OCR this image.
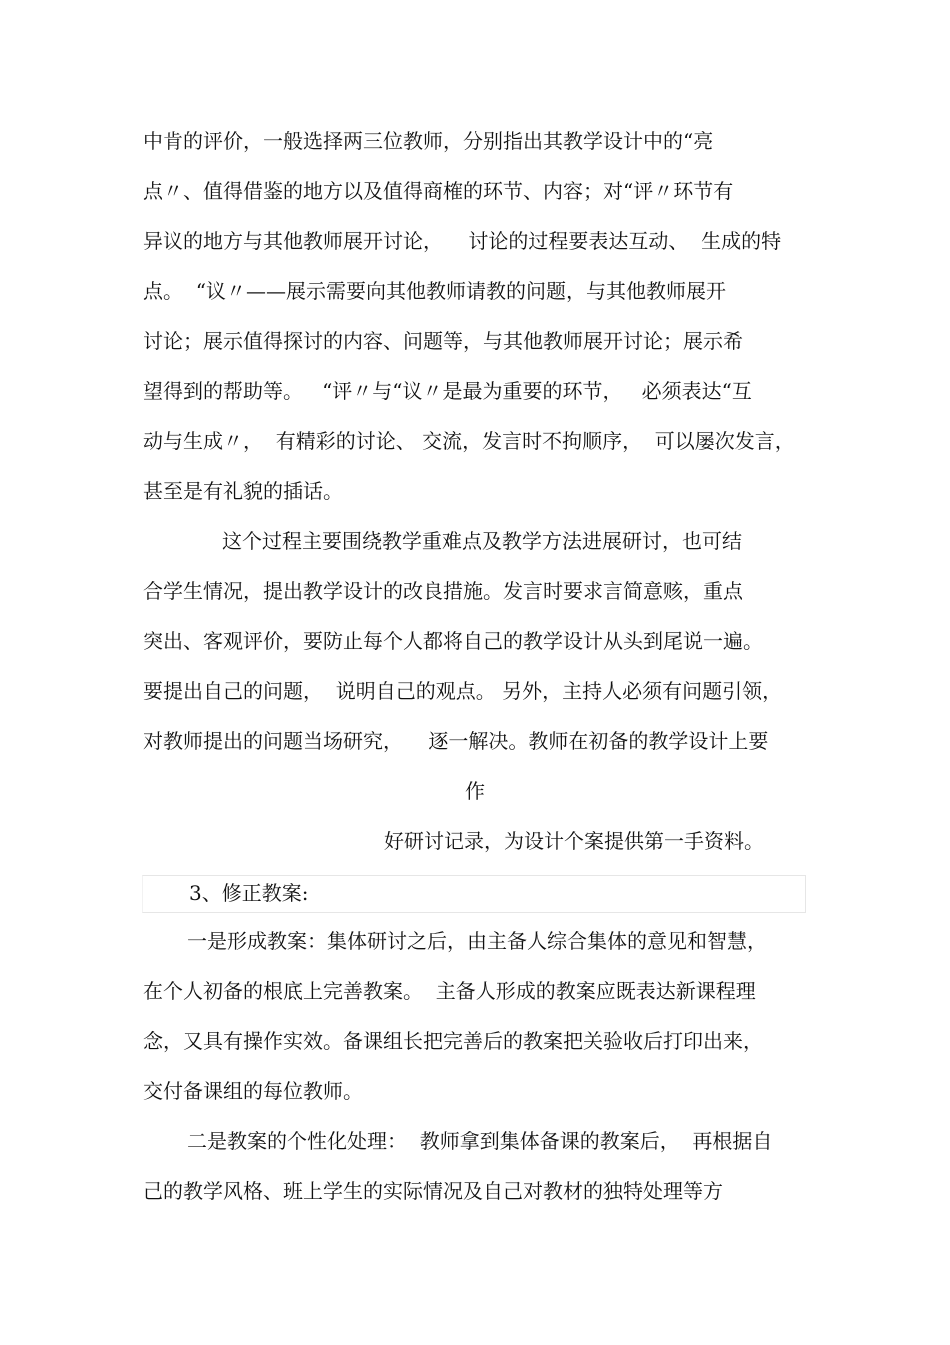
中肯的评价，一般选择两三位教师，分别指出其教学设计中的“亮
点〃、值得借鉴的地方以及值得商榷的环节、内容；对“评〃环节有
异议的地方与其他教师展开讨论，    讨论的过程要表达互动、  生成的特
点。  “议〃——展示需要向其他教师请教的问题，与其他教师展开
讨论；展示值得探讨的内容、问题等，与其他教师展开讨论；展示希
望得到的帮助等。   “评〃与“议〃是最为重要的环节，   必须表达“互
动与生成〃，  有精彩的讨论、 交流，发言时不拘顺序，  可以屡次发言，
甚至是有礼貌的插话。
这个过程主要围绕教学重难点及教学方法进展研讨，也可结
合学生情况，提出教学设计的改良措施。发言时要求言简意赅，重点
突出、客观评价，要防止每个人都将自己的教学设计从头到尾说一遍。
要提出自己的问题，  说明自己的观点。 另外，主持人必须有问题引领，
对教师提出的问题当场研究，    逐一解决。教师在初备的教学设计上要
作
好研讨记录，为设计个案提供第一手资料。
3、修正教案:
一是形成教案：集体研讨之后，由主备人综合集体的意见和智慧，
在个人初备的根底上完善教案。  主备人形成的教案应既表达新课程理
念，又具有操作实效。备课组长把完善后的教案把关验收后打印出来，
交付备课组的每位教师。
二是教案的个性化处理：  教师拿到集体备课的教案后，  再根据自
己的教学风格、班上学生的实际情况及自己对教材的独特处理等方
